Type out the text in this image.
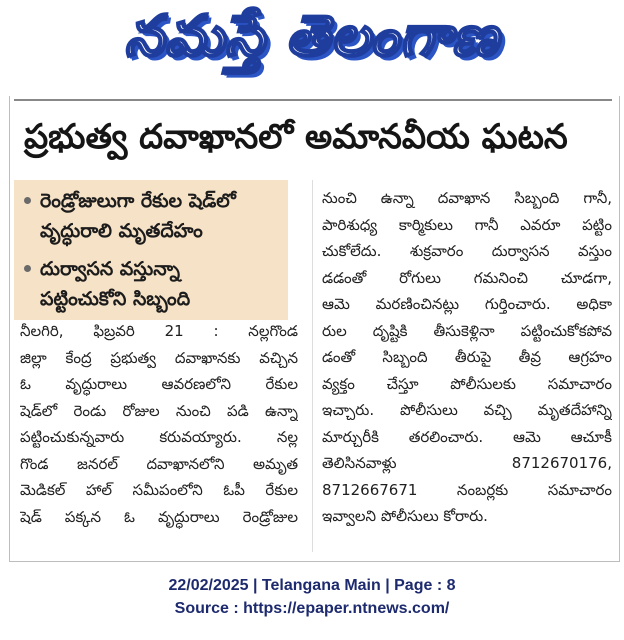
నమస్తే తెలంగాణ
ప్రభుత్వ దవాఖానలో అమానవీయ ఘటన
రెండ్రోజులుగా రేకుల షెడ్‌లో
వృద్ధురాలి మృతదేహం
దుర్వాసన వస్తున్నా
పట్టించుకోని సిబ్బంది
నీలగిరి, ఫిబ్రవరి 21 : నల్లగొండ
జిల్లా కేంద్ర ప్రభుత్వ దవాఖానకు వచ్చిన
ఓ వృద్ధురాలు ఆవరణలోని రేకుల
షెడ్‌లో రెండు రోజుల నుంచి పడి ఉన్నా
పట్టించుకున్నవారు కరువయ్యారు. నల్ల
గొండ జనరల్ దవాఖానలోని అమృత
మెడికల్ హాల్ సమీపంలోని ఓపీ రేకుల
షెడ్ పక్కన ఓ వృద్ధురాలు రెండ్రోజుల
నుంచి ఉన్నా దవాఖాన సిబ్బంది గానీ,
పారిశుధ్య కార్మికులు గానీ ఎవరూ పట్టిం
చుకోలేదు. శుక్రవారం దుర్వాసన వస్తుం
డడంతో రోగులు గమనించి చూడగా,
ఆమె మరణించినట్లు గుర్తించారు. అధికా
రుల దృష్టికి తీసుకెళ్లినా పట్టించుకోకపోవ
డంతో సిబ్బంది తీరుపై తీవ్ర ఆగ్రహం
వ్యక్తం చేస్తూ పోలీసులకు సమాచారం
ఇచ్చారు. పోలీసులు వచ్చి మృతదేహాన్ని
మార్చురీకి తరలించారు. ఆమె ఆచూకీ
తెలిసినవాళ్లు 8712670176,
8712667671 నంబర్లకు సమాచారం
ఇవ్వాలని పోలీసులు కోరారు.
22/02/2025 | Telangana Main | Page : 8
Source : https://epaper.ntnews.com/
